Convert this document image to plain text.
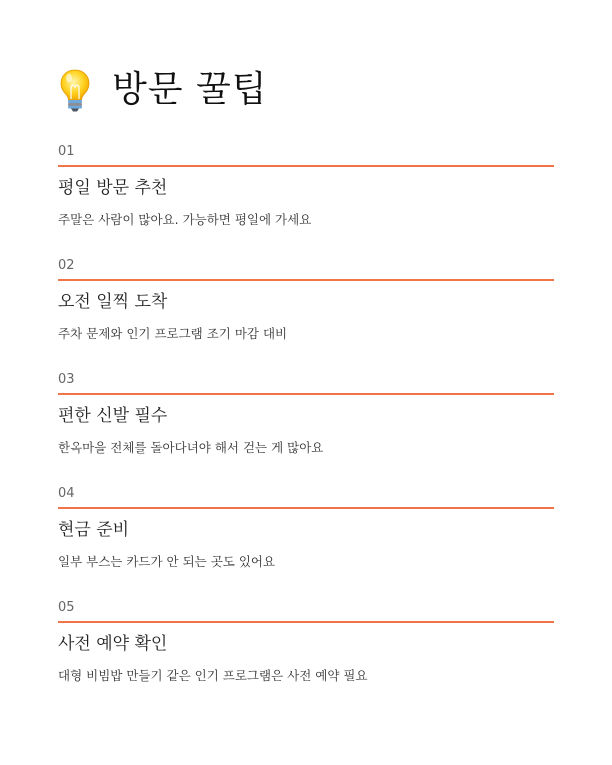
방문 꿀팁
01
평일 방문 추천
주말은 사람이 많아요. 가능하면 평일에 가세요
02
오전 일찍 도착
주차 문제와 인기 프로그램 조기 마감 대비
03
편한 신발 필수
한옥마을 전체를 돌아다녀야 해서 걷는 게 많아요
04
현금 준비
일부 부스는 카드가 안 되는 곳도 있어요
05
사전 예약 확인
대형 비빔밥 만들기 같은 인기 프로그램은 사전 예약 필요
